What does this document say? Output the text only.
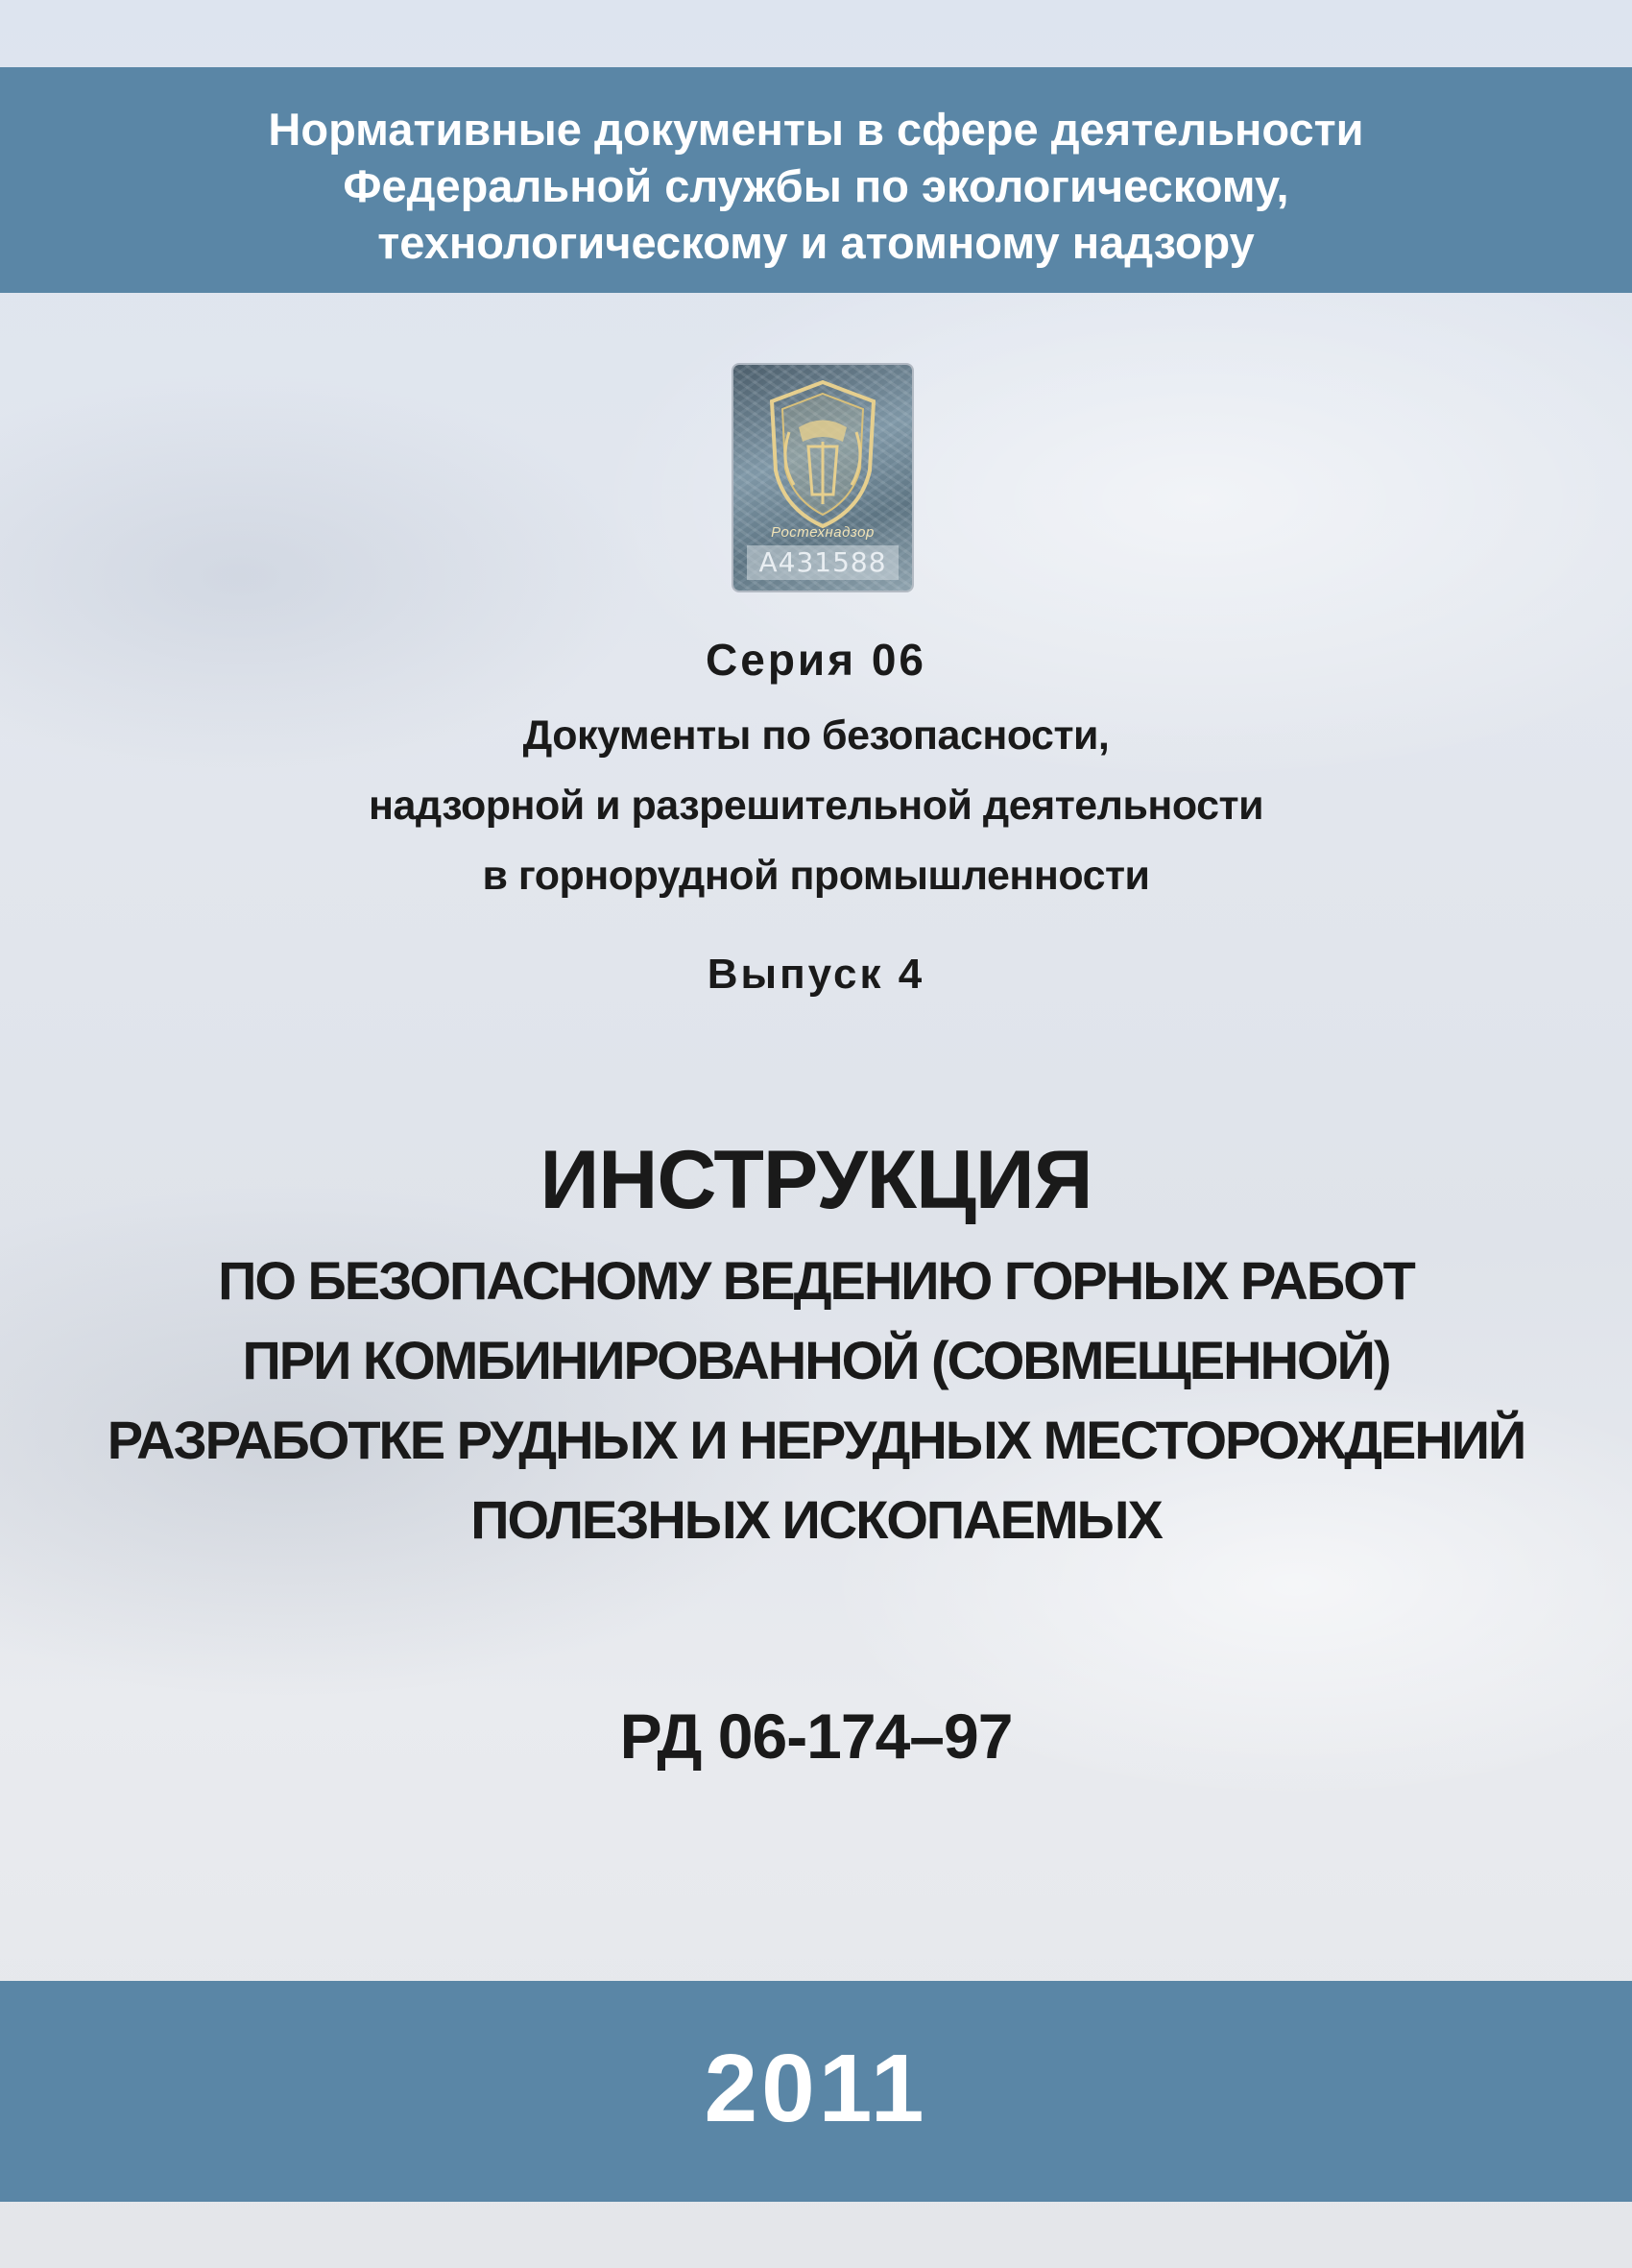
Нормативные документы в сфере деятельности
Федеральной службы по экологическому,
технологическому и атомному надзору
Ростехнадзор
А431588
Серия 06
Документы по безопасности,
надзорной и разрешительной деятельности
в горнорудной промышленности
Выпуск 4
ИНСТРУКЦИЯ
ПО БЕЗОПАСНОМУ ВЕДЕНИЮ ГОРНЫХ РАБОТ
ПРИ КОМБИНИРОВАННОЙ (СОВМЕЩЕННОЙ)
РАЗРАБОТКЕ РУДНЫХ И НЕРУДНЫХ МЕСТОРОЖДЕНИЙ
ПОЛЕЗНЫХ ИСКОПАЕМЫХ
РД 06-174–97
2011
